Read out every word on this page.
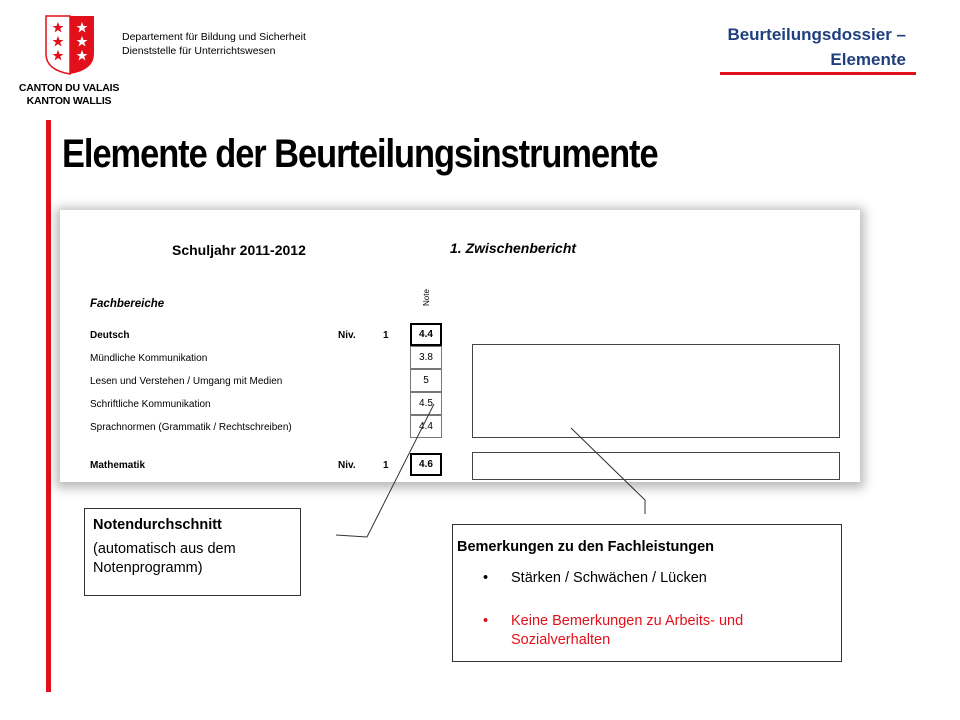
CANTON DU VALAIS
KANTON WALLIS
Departement für Bildung und Sicherheit
Dienststelle für Unterrichtswesen
Beurteilungsdossier –
Elemente
Elemente der Beurteilungsinstrumente
Schuljahr 2011-2012	1. Zwischenbericht
Note
Fachbereiche
Deutsch	Niv.	1	4.4
Mündliche Kommunikation	3.8
Lesen und Verstehen / Umgang mit Medien	5
Schriftliche Kommunikation	4.5
Sprachnormen (Grammatik / Rechtschreiben)	4.4
Mathematik	Niv.	1	4.6
Notendurchschnitt
(automatisch aus dem Notenprogramm)
Bemerkungen zu den Fachleistungen
• Stärken / Schwächen / Lücken
• Keine Bemerkungen zu Arbeits- und Sozialverhalten
